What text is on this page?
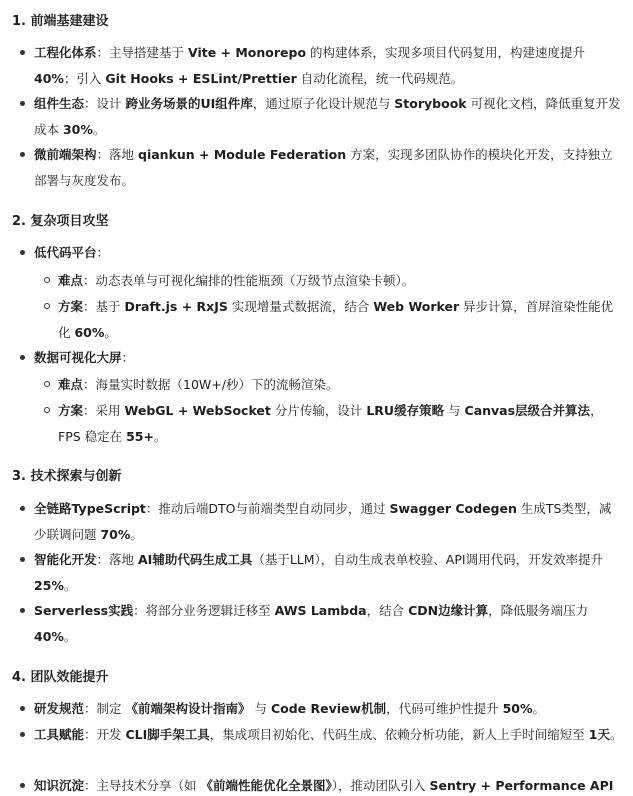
1. 前端基建建设
工程化体系：主导搭建基于 Vite + Monorepo 的构建体系，实现多项目代码复用，构建速度提升 40%；引入 Git Hooks + ESLint/Prettier 自动化流程，统一代码规范。
组件生态：设计 跨业务场景的UI组件库，通过原子化设计规范与 Storybook 可视化文档，降低重复开发成本 30%。
微前端架构：落地 qiankun + Module Federation 方案，实现多团队协作的模块化开发，支持独立部署与灰度发布。
2. 复杂项目攻坚
低代码平台：
难点：动态表单与可视化编排的性能瓶颈（万级节点渲染卡顿）。
方案：基于 Draft.js + RxJS 实现增量式数据流，结合 Web Worker 异步计算，首屏渲染性能优化 60%。
数据可视化大屏：
难点：海量实时数据（10W+/秒）下的流畅渲染。
方案：采用 WebGL + WebSocket 分片传输，设计 LRU缓存策略 与 Canvas层级合并算法，FPS 稳定在 55+。
3. 技术探索与创新
全链路TypeScript：推动后端DTO与前端类型自动同步，通过 Swagger Codegen 生成TS类型，减少联调问题 70%。
智能化开发：落地 AI辅助代码生成工具（基于LLM），自动生成表单校验、API调用代码，开发效率提升 25%。
Serverless实践：将部分业务逻辑迁移至 AWS Lambda，结合 CDN边缘计算，降低服务端压力 40%。
4. 团队效能提升
研发规范：制定 《前端架构设计指南》 与 Code Review机制，代码可维护性提升 50%。
工具赋能：开发 CLI脚手架工具，集成项目初始化、代码生成、依赖分析功能，新人上手时间缩短至 1天。
知识沉淀：主导技术分享（如 《前端性能优化全景图》），推动团队引入 Sentry + Performance API
